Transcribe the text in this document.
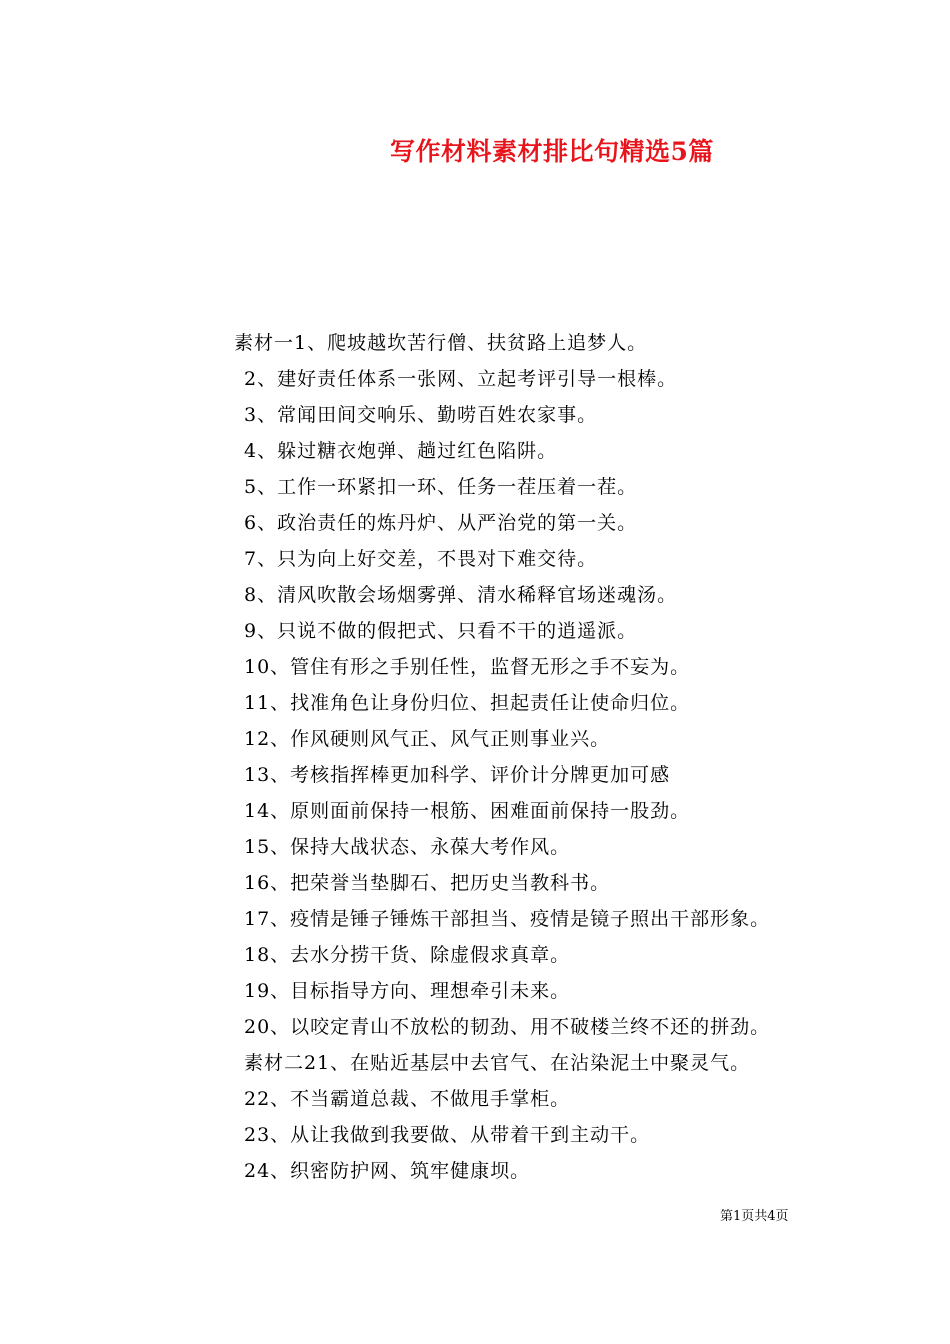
写作材料素材排比句精选5篇
素材一1、爬坡越坎苦行僧、扶贫路上追梦人。
2、建好责任体系一张网、立起考评引导一根棒。
3、常闻田间交响乐、勤唠百姓农家事。
4、躲过糖衣炮弹、趟过红色陷阱。
5、工作一环紧扣一环、任务一茬压着一茬。
6、政治责任的炼丹炉、从严治党的第一关。
7、只为向上好交差，不畏对下难交待。
8、清风吹散会场烟雾弹、清水稀释官场迷魂汤。
9、只说不做的假把式、只看不干的逍遥派。
10、管住有形之手别任性，监督无形之手不妄为。
11、找准角色让身份归位、担起责任让使命归位。
12、作风硬则风气正、风气正则事业兴。
13、考核指挥棒更加科学、评价计分牌更加可感
14、原则面前保持一根筋、困难面前保持一股劲。
15、保持大战状态、永葆大考作风。
16、把荣誉当垫脚石、把历史当教科书。
17、疫情是锤子锤炼干部担当、疫情是镜子照出干部形象。
18、去水分捞干货、除虚假求真章。
19、目标指导方向、理想牵引未来。
20、以咬定青山不放松的韧劲、用不破楼兰终不还的拼劲。
素材二21、在贴近基层中去官气、在沾染泥土中聚灵气。
22、不当霸道总裁、不做甩手掌柜。
23、从让我做到我要做、从带着干到主动干。
24、织密防护网、筑牢健康坝。
第1页共4页
